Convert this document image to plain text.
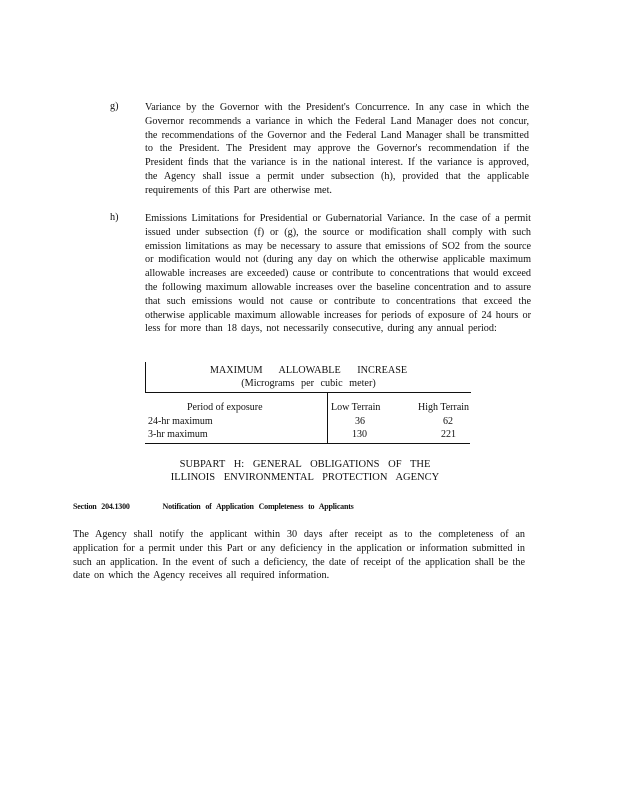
g)	Variance by the Governor with the President's Concurrence. In any case in which the Governor recommends a variance in which the Federal Land Manager does not concur, the recommendations of the Governor and the Federal Land Manager shall be transmitted to the President. The President may approve the Governor's recommendation if the President finds that the variance is in the national interest. If the variance is approved, the Agency shall issue a permit under subsection (h), provided that the applicable requirements of this Part are otherwise met.
h)	Emissions Limitations for Presidential or Gubernatorial Variance. In the case of a permit issued under subsection (f) or (g), the source or modification shall comply with such emission limitations as may be necessary to assure that emissions of SO2 from the source or modification would not (during any day on which the otherwise applicable maximum allowable increases are exceeded) cause or contribute to concentrations that would exceed the following maximum allowable increases over the baseline concentration and to assure that such emissions would not cause or contribute to concentrations that exceed the otherwise applicable maximum allowable increases for periods of exposure of 24 hours or less for more than 18 days, not necessarily consecutive, during any annual period:
MAXIMUM ALLOWABLE INCREASE
(Micrograms per cubic meter)
Period of exposure	Low Terrain	High Terrain
24-hr maximum	36	62
3-hr maximum	130	221
SUBPART H: GENERAL OBLIGATIONS OF THE
ILLINOIS ENVIRONMENTAL PROTECTION AGENCY
Section 204.1300	Notification of Application Completeness to Applicants
The Agency shall notify the applicant within 30 days after receipt as to the completeness of an application for a permit under this Part or any deficiency in the application or information submitted in such an application. In the event of such a deficiency, the date of receipt of the application shall be the date on which the Agency receives all required information.
